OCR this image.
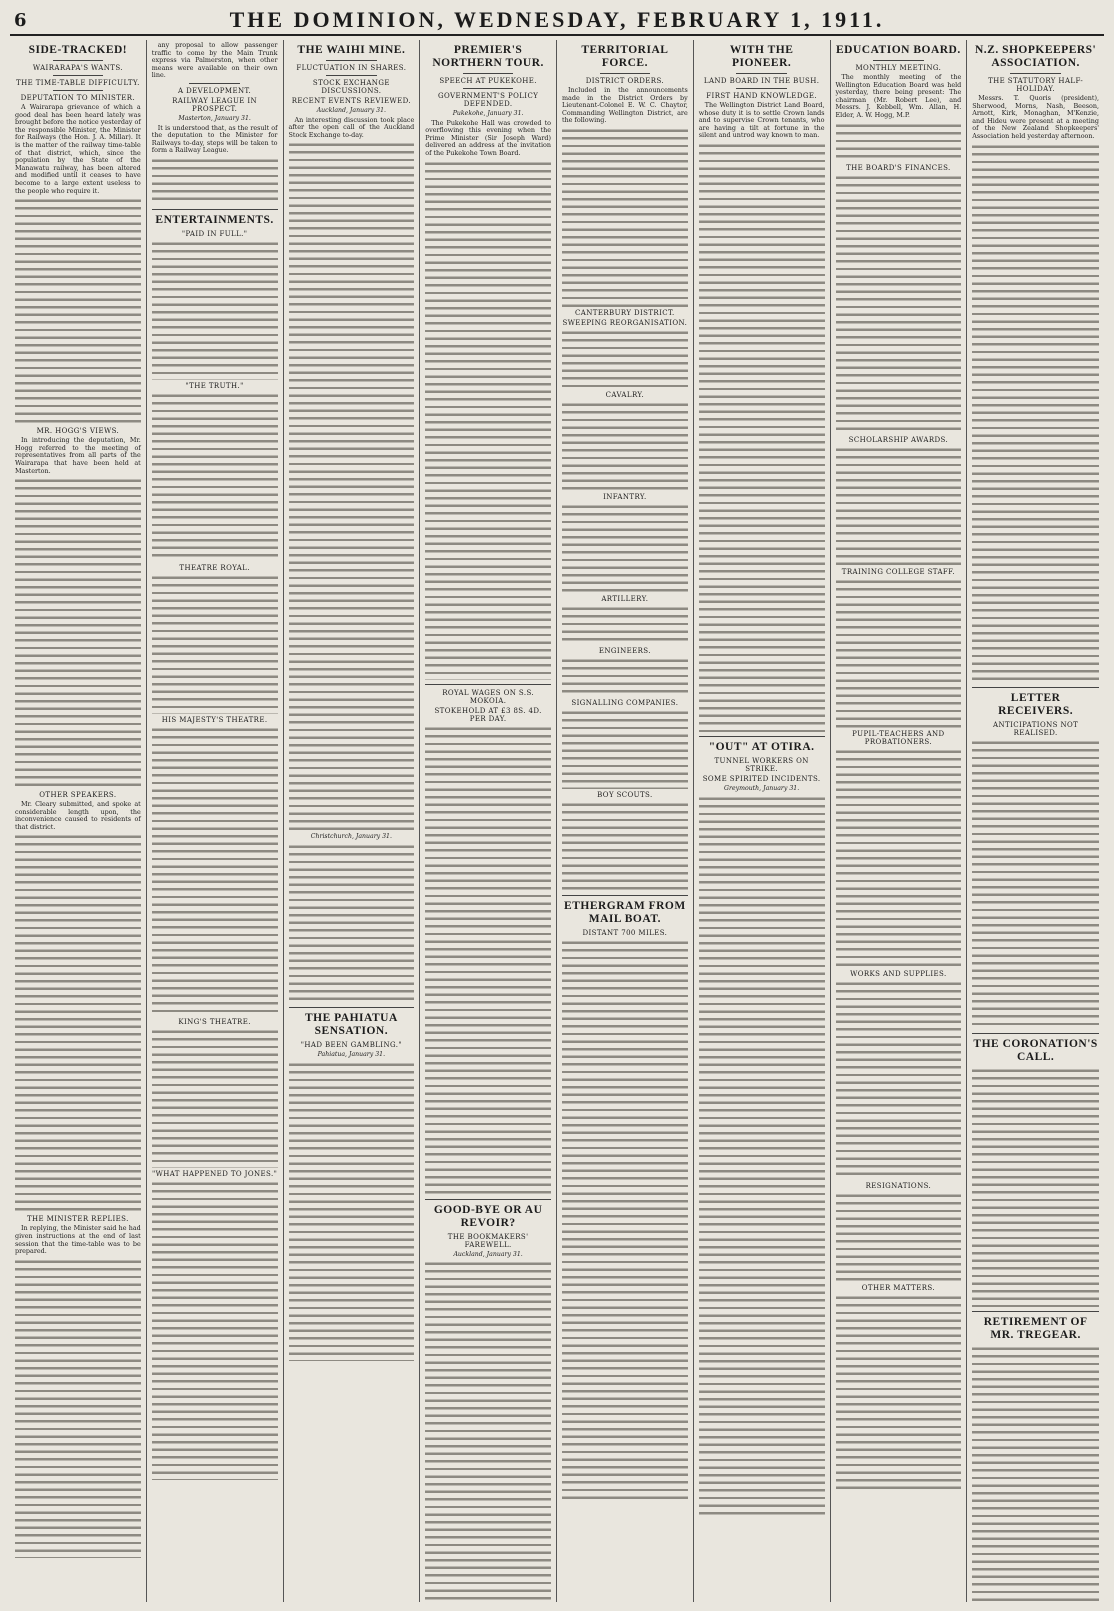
6	THE DOMINION, WEDNESDAY, FEBRUARY 1, 1911.
SIDE-TRACKED!
WAIRARAPA'S WANTS.
THE TIME-TABLE DIFFICULTY.
DEPUTATION TO MINISTER.
A Wairarapa grievance of which a good deal has been heard lately was brought before the notice yesterday of the responsible Minister, the Minister for Railways (the Hon. J. A. Millar). It is the matter of the railway time-table of that district, which, since the population by the State of the Manawatu railway, has been altered and modified until it ceases to have become to a large extent useless to the people who require it.
MR. HOGG'S VIEWS.
In introducing the deputation, Mr. Hogg referred to the meeting of representatives from all parts of the Wairarapa that have been held at Masterton.
OTHER SPEAKERS.
Mr. Cleary submitted, and spoke at considerable length upon, the inconvenience caused to residents of that district.
THE MINISTER REPLIES.
In replying, the Minister said he had given instructions at the end of last session that the time-table was to be prepared.
any proposal to allow passenger traffic to come by the Main Trunk express via Palmerston, when other means were available on their own line.
A DEVELOPMENT.
RAILWAY LEAGUE IN PROSPECT.
Masterton, January 31.
It is understood that, as the result of the deputation to the Minister for Railways to-day, steps will be taken to form a Railway League.
ENTERTAINMENTS.
"PAID IN FULL."
"THE TRUTH."
THEATRE ROYAL.
HIS MAJESTY'S THEATRE.
KING'S THEATRE.
"WHAT HAPPENED TO JONES."
THE WAIHI MINE.
FLUCTUATION IN SHARES.
STOCK EXCHANGE DISCUSSIONS.
RECENT EVENTS REVIEWED.
Auckland, January 31.
An interesting discussion took place after the open call of the Auckland Stock Exchange to-day.
Christchurch, January 31.
THE PAHIATUA SENSATION.
"HAD BEEN GAMBLING."
Pahiatua, January 31.
PREMIER'S NORTHERN TOUR.
SPEECH AT PUKEKOHE.
GOVERNMENT'S POLICY DEFENDED.
Pukekohe, January 31.
The Pukekohe Hall was crowded to overflowing this evening when the Prime Minister (Sir Joseph Ward) delivered an address at the invitation of the Pukekohe Town Board.
ROYAL WAGES ON S.S. MOKOIA.
STOKEHOLD AT £3 8S. 4D. PER DAY.
GOOD-BYE OR AU REVOIR?
THE BOOKMAKERS' FAREWELL.
Auckland, January 31.
TERRITORIAL FORCE.
DISTRICT ORDERS.
Included in the announcements made in the District Orders by Lieutenant-Colonel E. W. C. Chaytor, Commanding Wellington District, are the following.
CANTERBURY DISTRICT.
SWEEPING REORGANISATION.
CAVALRY.
INFANTRY.
ARTILLERY.
ENGINEERS.
SIGNALLING COMPANIES.
BOY SCOUTS.
ETHERGRAM FROM MAIL BOAT.
DISTANT 700 MILES.
WITH THE PIONEER.
LAND BOARD IN THE BUSH.
FIRST HAND KNOWLEDGE.
The Wellington District Land Board, whose duty it is to settle Crown lands and to supervise Crown tenants, who are having a tilt at fortune in the silent and untrod way known to man.
"OUT" AT OTIRA.
TUNNEL WORKERS ON STRIKE.
SOME SPIRITED INCIDENTS.
Greymouth, January 31.
EDUCATION BOARD.
MONTHLY MEETING.
The monthly meeting of the Wellington Education Board was held yesterday, there being present: The chairman (Mr. Robert Lee), and Messrs. J. Kebbell, Wm. Allan, H. Elder, A. W. Hogg, M.P.
THE BOARD'S FINANCES.
SCHOLARSHIP AWARDS.
TRAINING COLLEGE STAFF.
PUPIL-TEACHERS AND PROBATIONERS.
WORKS AND SUPPLIES.
RESIGNATIONS.
OTHER MATTERS.
N.Z. SHOPKEEPERS' ASSOCIATION.
THE STATUTORY HALF-HOLIDAY.
Messrs. T. Quoris (president), Sherwood, Morns, Nash, Beeson, Arnott, Kirk, Monaghan, M'Kenzie, and Hideu were present at a meeting of the New Zealand Shopkeepers' Association held yesterday afternoon.
LETTER RECEIVERS.
ANTICIPATIONS NOT REALISED.
THE CORONATION'S CALL.
RETIREMENT OF MR. TREGEAR.
